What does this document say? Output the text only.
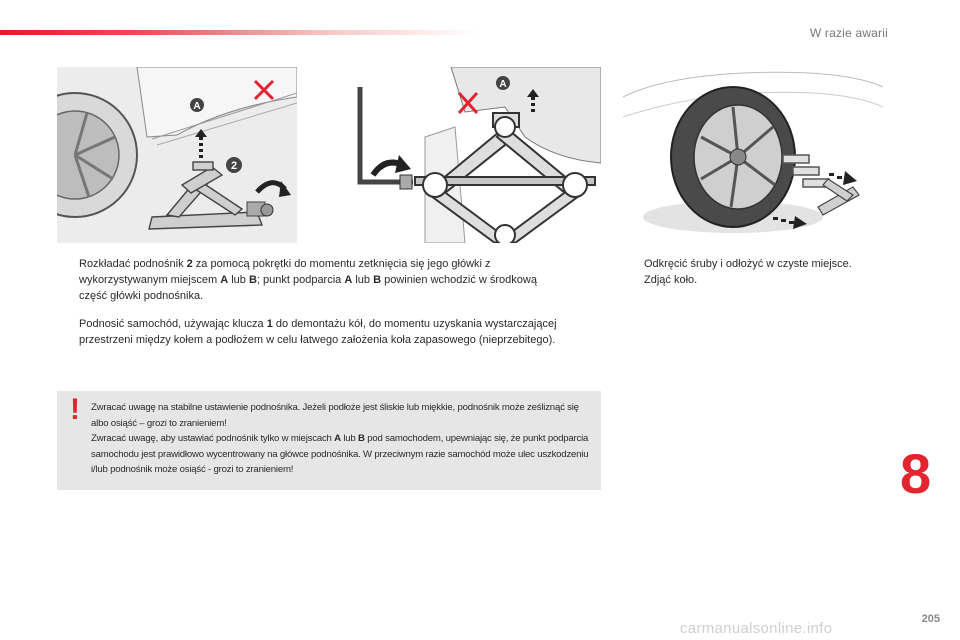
W razie awarii
A
2
A
Rozkładać podnośnik 2 za pomocą pokrętki do momentu zetknięcia się jego główki z wykorzystywanym miejscem A lub B; punkt podparcia A lub B powinien wchodzić w środkową część główki podnośnika.
Podnosić samochód, używając klucza 1 do demontażu kół, do momentu uzyskania wystarczającej przestrzeni między kołem a podłożem w celu łatwego założenia koła zapasowego (nieprzebitego).
Odkręcić śruby i odłożyć w czyste miejsce.
Zdjąć koło.
! Zwracać uwagę na stabilne ustawienie podnośnika. Jeżeli podłoże jest śliskie lub miękkie, podnośnik może ześliznąć się albo osiąść – grozi to zranieniem!
Zwracać uwagę, aby ustawiać podnośnik tylko w miejscach A lub B pod samochodem, upewniając się, że punkt podparcia samochodu jest prawidłowo wycentrowany na główce podnośnika. W przeciwnym razie samochód może ulec uszkodzeniu i/lub podnośnik może osiąść - grozi to zranieniem!	8
205
carmanualsonline.info
